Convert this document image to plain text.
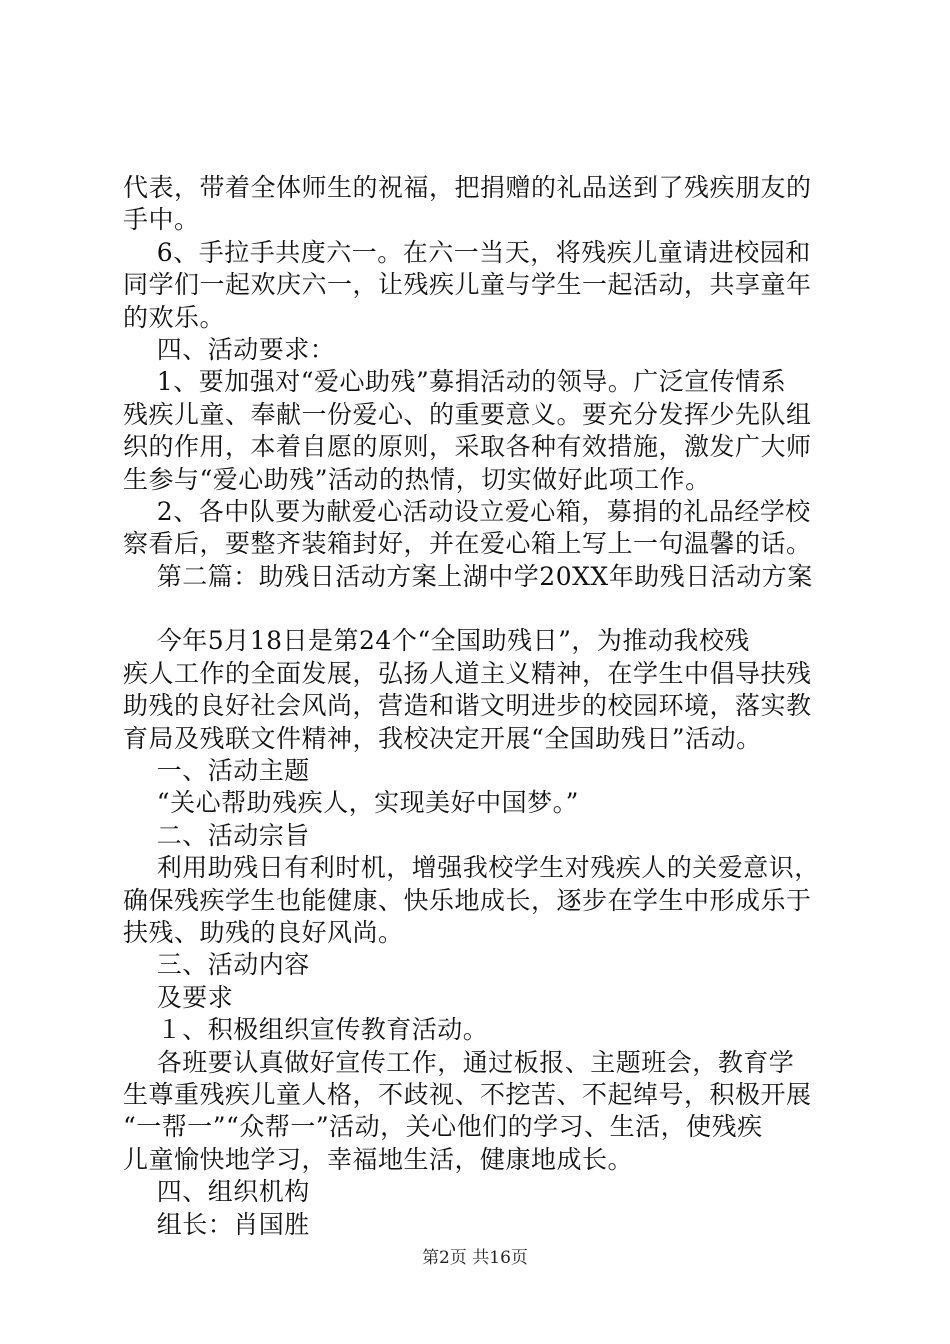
代表，带着全体师生的祝福，把捐赠的礼品送到了残疾朋友的
手中。
6、手拉手共度六一。在六一当天，将残疾儿童请进校园和
同学们一起欢庆六一，让残疾儿童与学生一起活动，共享童年
的欢乐。
四、活动要求：
1、要加强对“爱心助残”募捐活动的领导。广泛宣传情系
残疾儿童、奉献一份爱心、的重要意义。要充分发挥少先队组
织的作用，本着自愿的原则，采取各种有效措施，激发广大师
生参与“爱心助残”活动的热情，切实做好此项工作。
2、各中队要为献爱心活动设立爱心箱，募捐的礼品经学校
察看后，要整齐装箱封好，并在爱心箱上写上一句温馨的话。
第二篇：助残日活动方案上湖中学20XX年助残日活动方案
今年5月18日是第24个“全国助残日”，为推动我校残
疾人工作的全面发展，弘扬人道主义精神，在学生中倡导扶残
助残的良好社会风尚，营造和谐文明进步的校园环境，落实教
育局及残联文件精神，我校决定开展“全国助残日”活动。
一、活动主题
“关心帮助残疾人，实现美好中国梦。”
二、活动宗旨
利用助残日有利时机，增强我校学生对残疾人的关爱意识，
确保残疾学生也能健康、快乐地成长，逐步在学生中形成乐于
扶残、助残的良好风尚。
三、活动内容
及要求
１、积极组织宣传教育活动。
各班要认真做好宣传工作，通过板报、主题班会，教育学
生尊重残疾儿童人格，不歧视、不挖苦、不起绰号，积极开展
“一帮一”“众帮一”活动，关心他们的学习、生活，使残疾
儿童愉快地学习，幸福地生活，健康地成长。
四、组织机构
组长：肖国胜
第2页 共16页
